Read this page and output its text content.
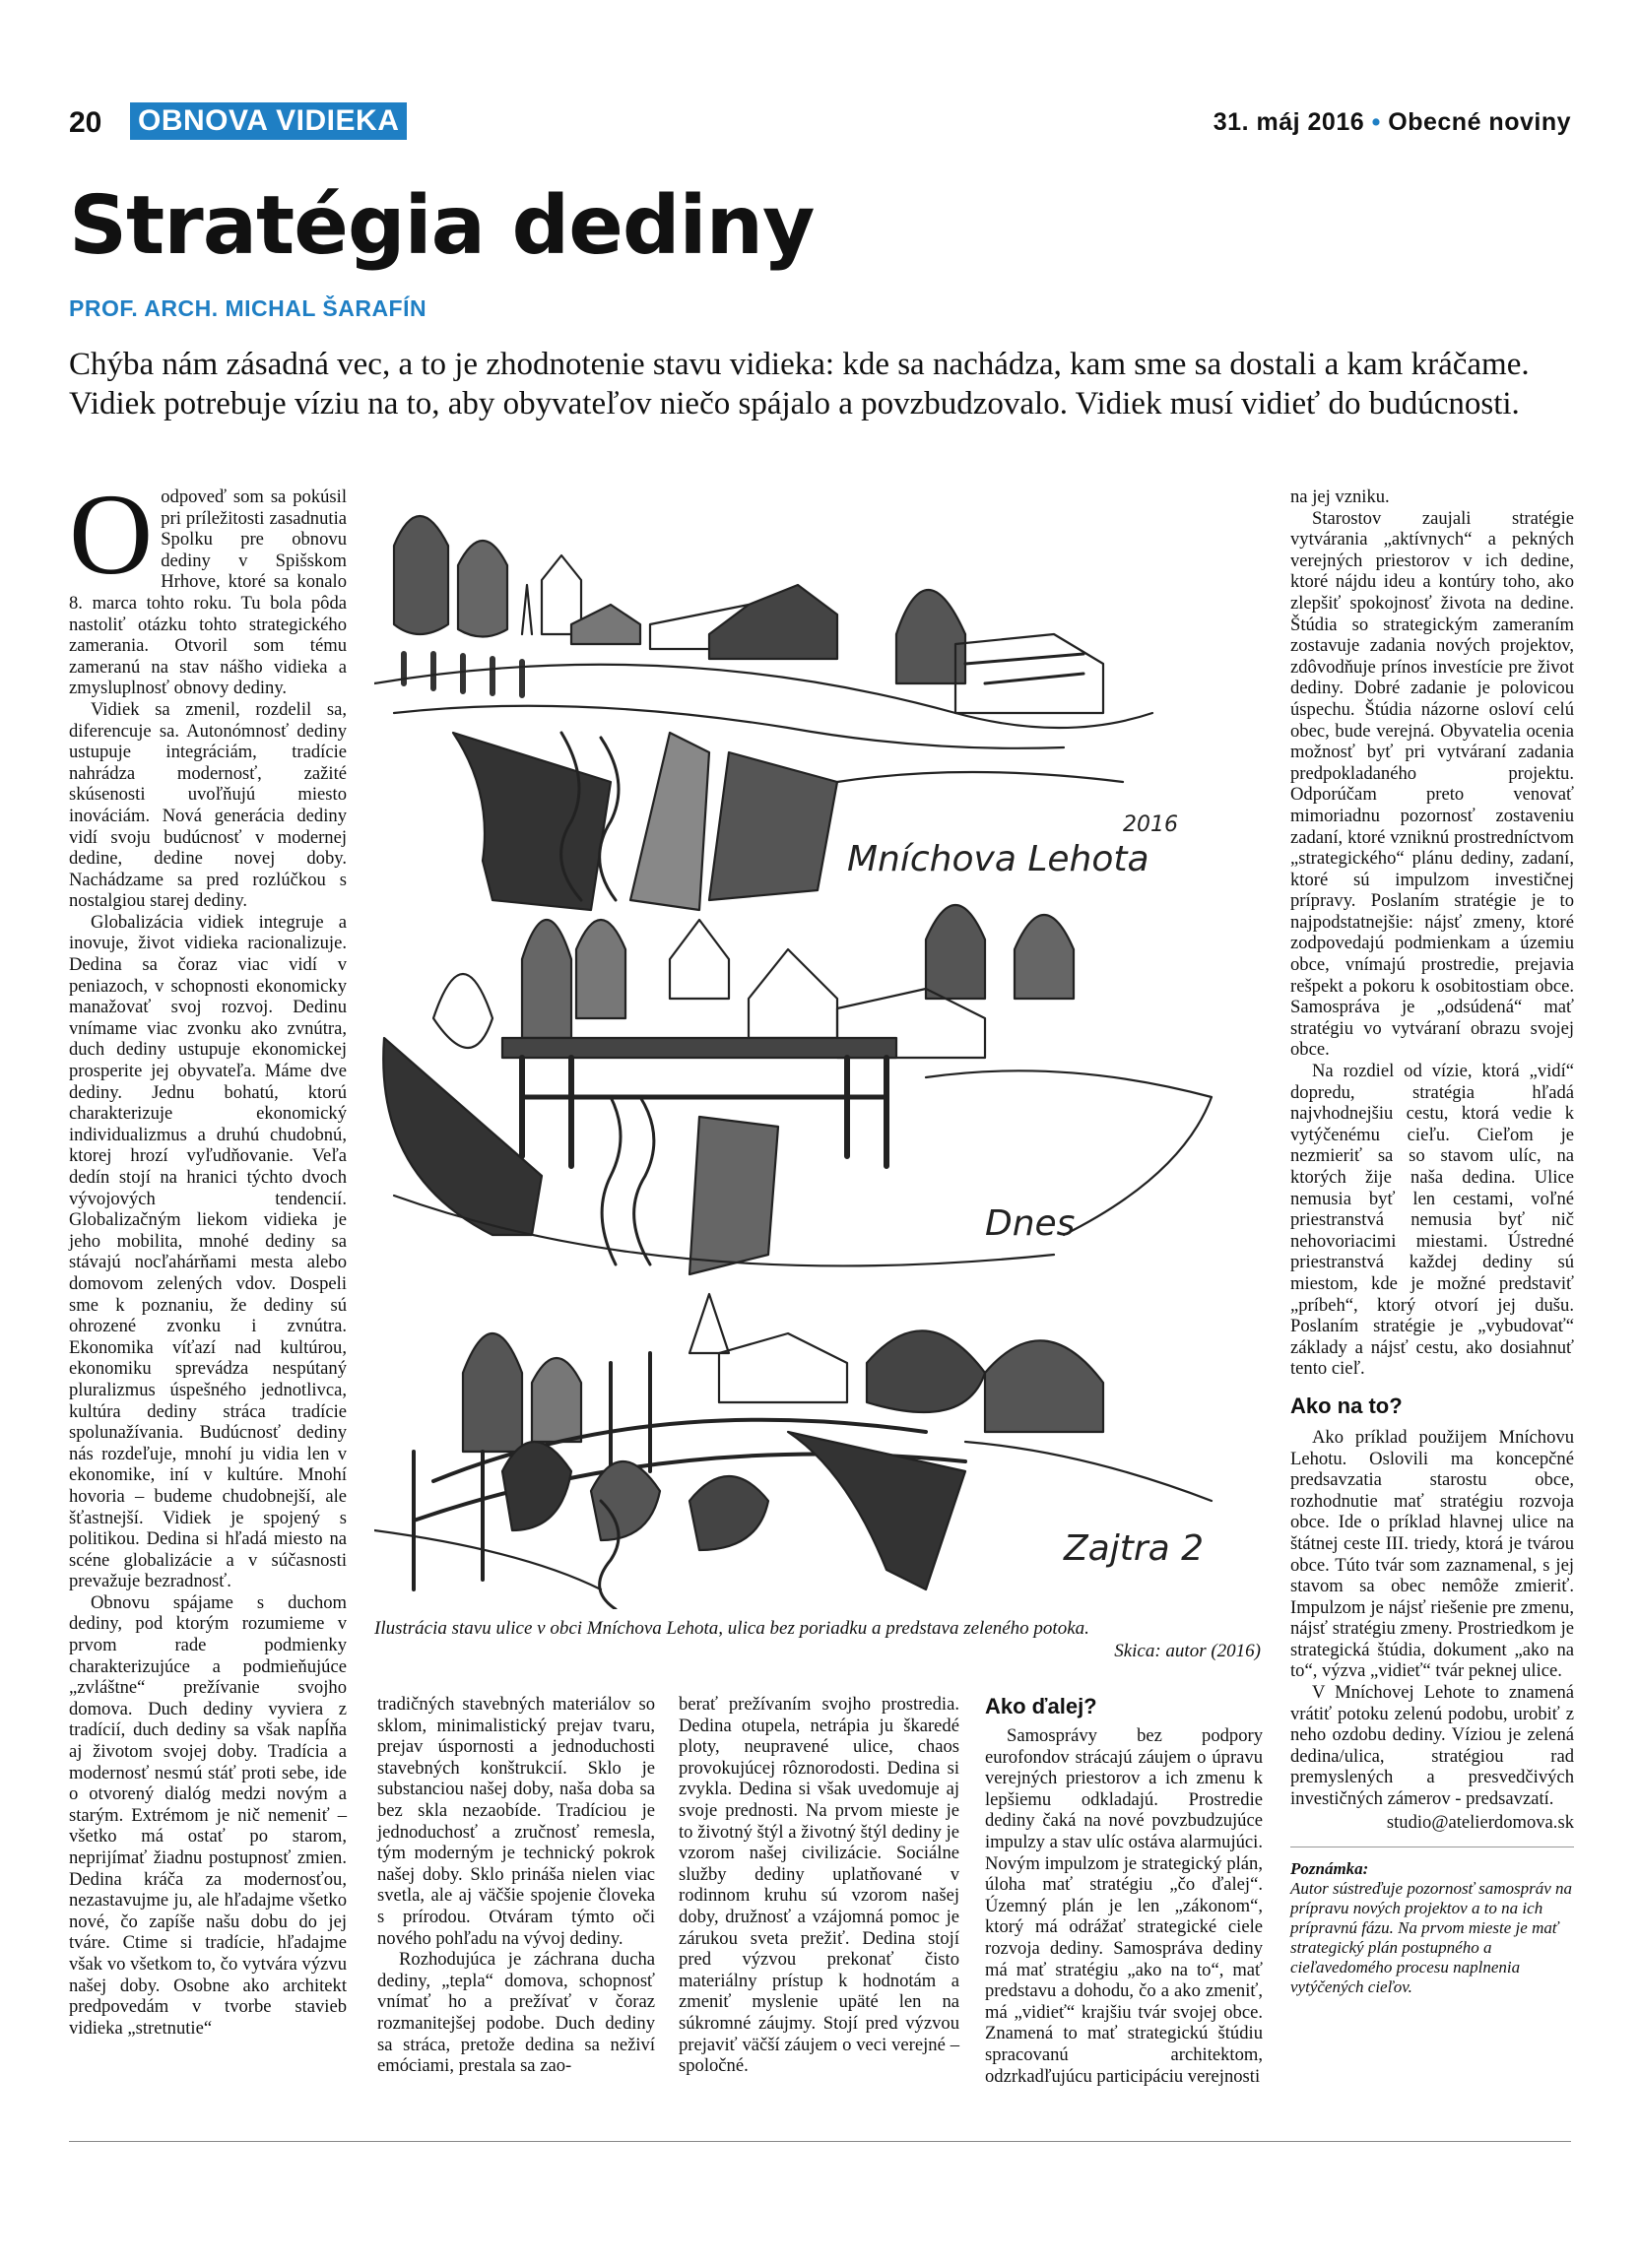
20 OBNOVA VIDIEKA	31. máj 2016 • Obecné noviny
Stratégia dediny
PROF. ARCH. MICHAL ŠARAFÍN

Chýba nám zásadná vec, a to je zhodnotenie stavu vidieka: kde sa nachádza, kam sme sa dostali a kam kráčame. Vidiek potrebuje víziu na to, aby obyvateľov niečo spájalo a povzbudzovalo. Vidiek musí vidieť do budúcnosti.

Oodpoveď som sa pokúsil pri príležitosti zasadnutia Spolku pre obnovu dediny v Spišskom Hrhove, ktoré sa konalo 8. marca tohto roku. Tu bola pôda nastoliť otázku tohto strategického zamerania. Otvoril som tému zameranú na stav nášho vidieka a zmysluplnosť obnovy dediny.

Vidiek sa zmenil, rozdelil sa, diferencuje sa. Autonómnosť dediny ustupuje integráciám, tradície nahrádza modernosť, zažité skúsenosti uvoľňujú miesto inováciám. Nová generácia dediny vidí svoju budúcnosť v modernej dedine, dedine novej doby. Nachádzame sa pred rozlúčkou s nostalgiou starej dediny.

Globalizácia vidiek integruje a inovuje, život vidieka racionalizuje. Dedina sa čoraz viac vidí v peniazoch, v schopnosti ekonomicky manažovať svoj rozvoj. Dedinu vnímame viac zvonku ako zvnútra, duch dediny ustupuje ekonomickej prosperite jej obyvateľa. Máme dve dediny. Jednu bohatú, ktorú charakterizuje ekonomický individualizmus a druhú chudobnú, ktorej hrozí vyľudňovanie. Veľa dedín stojí na hranici týchto dvoch vývojových tendencií. Globalizačným liekom vidieka je jeho mobilita, mnohé dediny sa stávajú nocľahárňami mesta alebo domovom zelených vdov. Dospeli sme k poznaniu, že dediny sú ohrozené zvonku i zvnútra. Ekonomika víťazí nad kultúrou, ekonomiku sprevádza nespútaný pluralizmus úspešného jednotlivca, kultúra dediny stráca tradície spolunažívania. Budúcnosť dediny nás rozdeľuje, mnohí ju vidia len v ekonomike, iní v kultúre. Mnohí hovoria – budeme chudobnejší, ale šťastnejší. Vidiek je spojený s politikou. Dedina si hľadá miesto na scéne globalizácie a v súčasnosti prevažuje bezradnosť.

Obnovu spájame s duchom dediny, pod ktorým rozumieme v prvom rade podmienky charakterizujúce a podmieňujúce „zvláštne“ prežívanie svojho domova. Duch dediny vyviera z tradícií, duch dediny sa však napĺňa aj životom svojej doby. Tradícia a modernosť nesmú stáť proti sebe, ide o otvorený dialóg medzi novým a starým. Extrémom je nič nemeniť – všetko má ostať po starom, neprijímať žiadnu postupnosť zmien. Dedina kráča za modernosťou, nezastavujme ju, ale hľadajme všetko nové, čo zapíše našu dobu do jej tváre. Ctime si tradície, hľadajme však vo všetkom to, čo vytvára výzvu našej doby. Osobne ako architekt predpovedám v tvorbe stavieb vidieka „stretnutie“

Mníchova Lehota
2016
Dnes
Zajtra 2
Ilustrácia stavu ulice v obci Mníchova Lehota, ulica bez poriadku a predstava zeleného potoka.
Skica: autor (2016)

tradičných stavebných materiálov so sklom, minimalistický prejav tvaru, prejav úspornosti a jednoduchosti stavebných konštrukcií. Sklo je substanciou našej doby, naša doba sa bez skla nezaobíde. Tradíciou je jednoduchosť a zručnosť remesla, tým moderným je technický pokrok našej doby. Sklo prináša nielen viac svetla, ale aj väčšie spojenie človeka s prírodou. Otváram týmto oči nového pohľadu na vývoj dediny.

Rozhodujúca je záchrana ducha dediny, „tepla“ domova, schopnosť vnímať ho a prežívať v čoraz rozmanitejšej podobe. Duch dediny sa stráca, pretože dedina sa neživí emóciami, prestala sa zao-

berať prežívaním svojho prostredia. Dedina otupela, netrápia ju škaredé ploty, neupravené ulice, chaos provokujúcej rôznorodosti. Dedina si zvykla. Dedina si však uvedomuje aj svoje prednosti. Na prvom mieste je to životný štýl a životný štýl dediny je vzorom našej civilizácie. Sociálne služby dediny uplatňované v rodinnom kruhu sú vzorom našej doby, družnosť a vzájomná pomoc je zárukou sveta prežiť. Dedina stojí pred výzvou prekonať čisto materiálny prístup k hodnotám a zmeniť myslenie upäté len na súkromné záujmy. Stojí pred výzvou prejaviť väčší záujem o veci verejné – spoločné.

Ako ďalej?

Samosprávy bez podpory eurofondov strácajú záujem o úpravu verejných priestorov a ich zmenu k lepšiemu odkladajú. Prostredie dediny čaká na nové povzbudzujúce impulzy a stav ulíc ostáva alarmujúci. Novým impulzom je strategický plán, úloha mať stratégiu „čo ďalej“. Územný plán je len „zákonom“, ktorý má odrážať strategické ciele rozvoja dediny. Samospráva dediny má mať stratégiu „ako na to“, mať predstavu a dohodu, čo a ako zmeniť, má „vidieť“ krajšiu tvár svojej obce. Znamená to mať strategickú štúdiu spracovanú architektom, odzrkadľujúcu participáciu verejnosti

na jej vzniku.

Starostov zaujali stratégie vytvárania „aktívnych“ a pekných verejných priestorov v ich dedine, ktoré nájdu ideu a kontúry toho, ako zlepšiť spokojnosť života na dedine. Štúdia so strategickým zameraním zostavuje zadania nových projektov, zdôvodňuje prínos investície pre život dediny. Dobré zadanie je polovicou úspechu. Štúdia názorne osloví celú obec, bude verejná. Obyvatelia ocenia možnosť byť pri vytváraní zadania predpokladaného projektu. Odporúčam preto venovať mimoriadnu pozornosť zostaveniu zadaní, ktoré vzniknú prostredníctvom „strategického“ plánu dediny, zadaní, ktoré sú impulzom investičnej prípravy. Poslaním stratégie je to najpodstatnejšie: nájsť zmeny, ktoré zodpovedajú podmienkam a územiu obce, vnímajú prostredie, prejavia rešpekt a pokoru k osobitostiam obce. Samospráva je „odsúdená“ mať stratégiu vo vytváraní obrazu svojej obce.

Na rozdiel od vízie, ktorá „vidí“ dopredu, stratégia hľadá najvhodnejšiu cestu, ktorá vedie k vytýčenému cieľu. Cieľom je nezmieriť sa so stavom ulíc, na ktorých žije naša dedina. Ulice nemusia byť len cestami, voľné priestranstvá nemusia byť nič nehovoriacimi miestami. Ústredné priestranstvá každej dediny sú miestom, kde je možné predstaviť „príbeh“, ktorý otvorí jej dušu. Poslaním stratégie je „vybudovať“ základy a nájsť cestu, ako dosiahnuť tento cieľ.

Ako na to?

Ako príklad použijem Mníchovu Lehotu. Oslovili ma koncepčné predsavzatia starostu obce, rozhodnutie mať stratégiu rozvoja obce. Ide o príklad hlavnej ulice na štátnej ceste III. triedy, ktorá je tvárou obce. Túto tvár som zaznamenal, s jej stavom sa obec nemôže zmieriť. Impulzom je nájsť riešenie pre zmenu, nájsť stratégiu zmeny. Prostriedkom je strategická štúdia, dokument „ako na to“, výzva „vidieť“ tvár peknej ulice.

V Mníchovej Lehote to znamená vrátiť potoku zelenú podobu, urobiť z neho ozdobu dediny. Víziou je zelená dedina/ulica, stratégiou rad premyslených a presvedčivých investičných zámerov - predsavzatí.

studio@atelierdomova.sk
Poznámka:
Autor sústreďuje pozornosť samospráv na prípravu nových projektov a to na ich prípravnú fázu. Na prvom mieste je mať strategický plán postupného a cieľavedomého procesu naplnenia vytýčených cieľov.
